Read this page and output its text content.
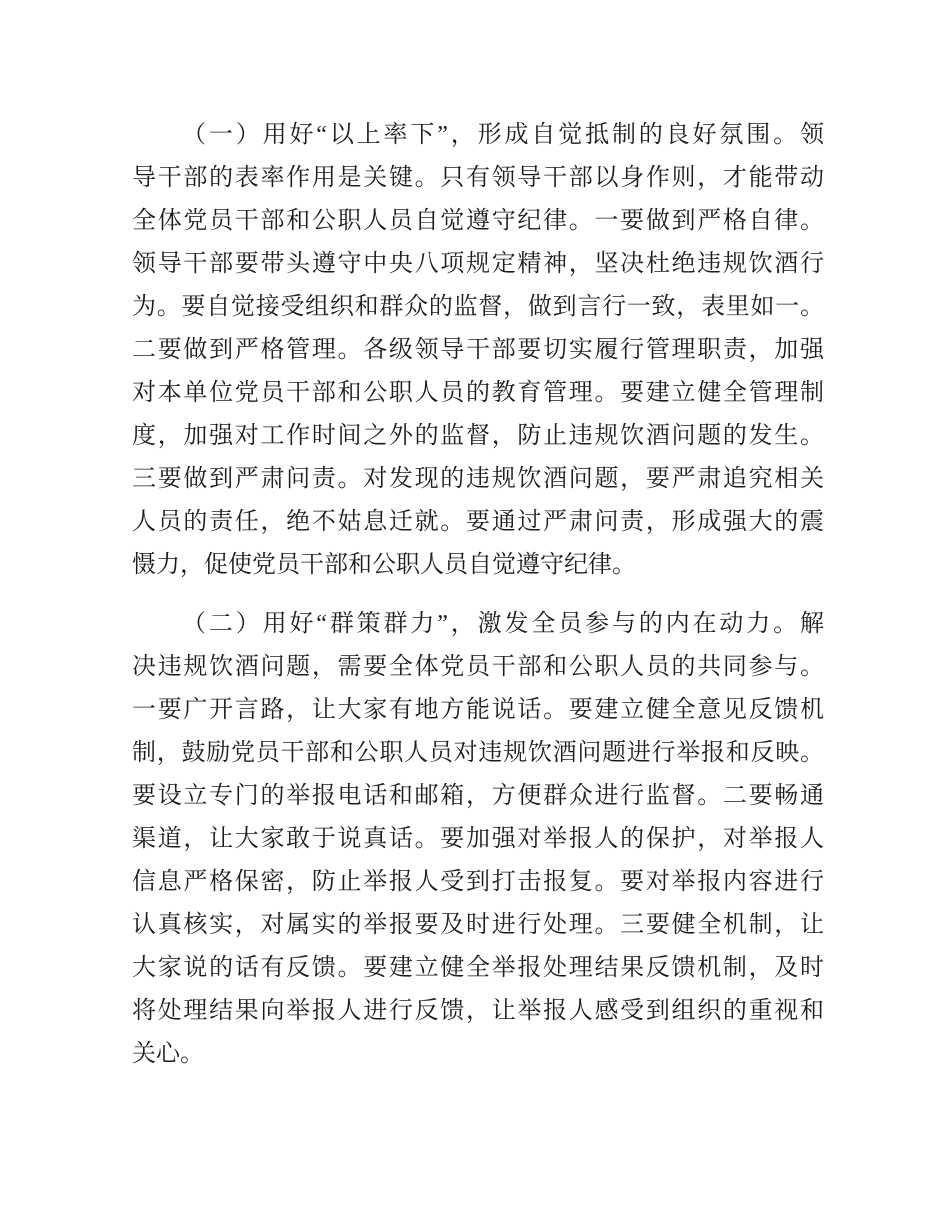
（一）用好“以上率下”，形成自觉抵制的良好氛围。领
导干部的表率作用是关键。只有领导干部以身作则，才能带动
全体党员干部和公职人员自觉遵守纪律。一要做到严格自律。
领导干部要带头遵守中央八项规定精神，坚决杜绝违规饮酒行
为。要自觉接受组织和群众的监督，做到言行一致，表里如一。
二要做到严格管理。各级领导干部要切实履行管理职责，加强
对本单位党员干部和公职人员的教育管理。要建立健全管理制
度，加强对工作时间之外的监督，防止违规饮酒问题的发生。
三要做到严肃问责。对发现的违规饮酒问题，要严肃追究相关
人员的责任，绝不姑息迁就。要通过严肃问责，形成强大的震
慑力，促使党员干部和公职人员自觉遵守纪律。

（二）用好“群策群力”，激发全员参与的内在动力。解
决违规饮酒问题，需要全体党员干部和公职人员的共同参与。
一要广开言路，让大家有地方能说话。要建立健全意见反馈机
制，鼓励党员干部和公职人员对违规饮酒问题进行举报和反映。
要设立专门的举报电话和邮箱，方便群众进行监督。二要畅通
渠道，让大家敢于说真话。要加强对举报人的保护，对举报人
信息严格保密，防止举报人受到打击报复。要对举报内容进行
认真核实，对属实的举报要及时进行处理。三要健全机制，让
大家说的话有反馈。要建立健全举报处理结果反馈机制，及时
将处理结果向举报人进行反馈，让举报人感受到组织的重视和
关心。
